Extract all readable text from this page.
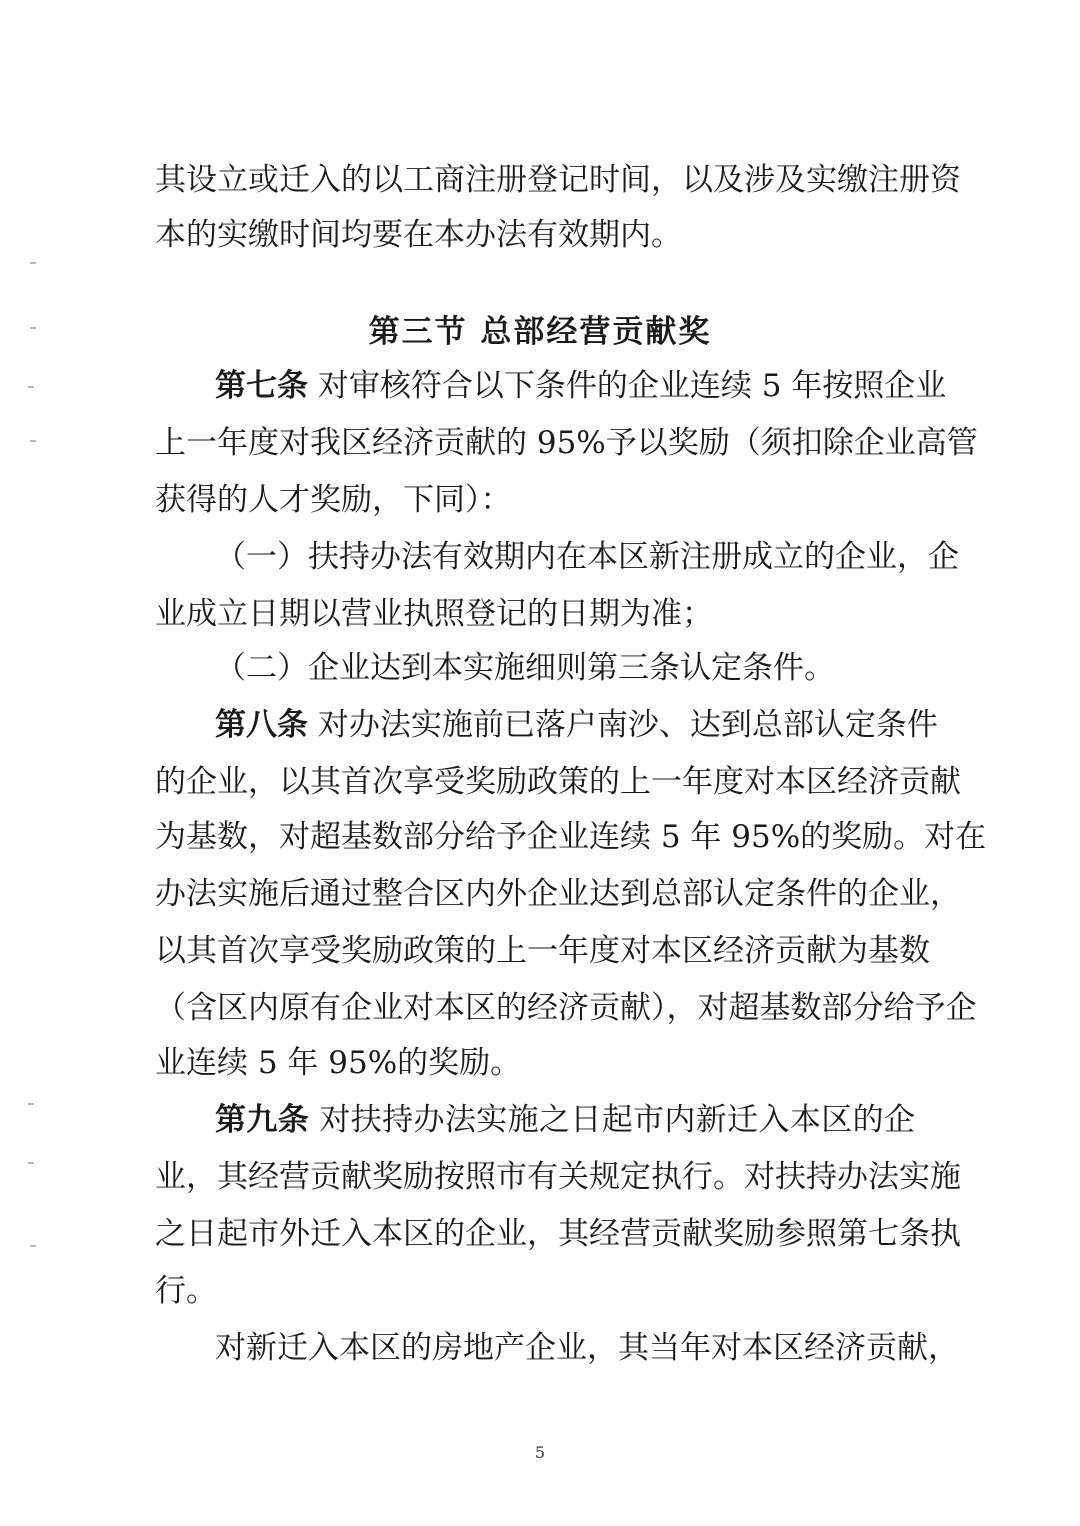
其设立或迁入的以工商注册登记时间，以及涉及实缴注册资
本的实缴时间均要在本办法有效期内。
第三节 总部经营贡献奖
第七条 对审核符合以下条件的企业连续 5 年按照企业
上一年度对我区经济贡献的 95%予以奖励（须扣除企业高管
获得的人才奖励，下同）：
（一）扶持办法有效期内在本区新注册成立的企业，企
业成立日期以营业执照登记的日期为准；
（二）企业达到本实施细则第三条认定条件。
第八条 对办法实施前已落户南沙、达到总部认定条件
的企业，以其首次享受奖励政策的上一年度对本区经济贡献
为基数，对超基数部分给予企业连续 5 年 95%的奖励。对在
办法实施后通过整合区内外企业达到总部认定条件的企业，
以其首次享受奖励政策的上一年度对本区经济贡献为基数
（含区内原有企业对本区的经济贡献），对超基数部分给予企
业连续 5 年 95%的奖励。
第九条 对扶持办法实施之日起市内新迁入本区的企
业，其经营贡献奖励按照市有关规定执行。对扶持办法实施
之日起市外迁入本区的企业，其经营贡献奖励参照第七条执
行。
对新迁入本区的房地产企业，其当年对本区经济贡献，
5
